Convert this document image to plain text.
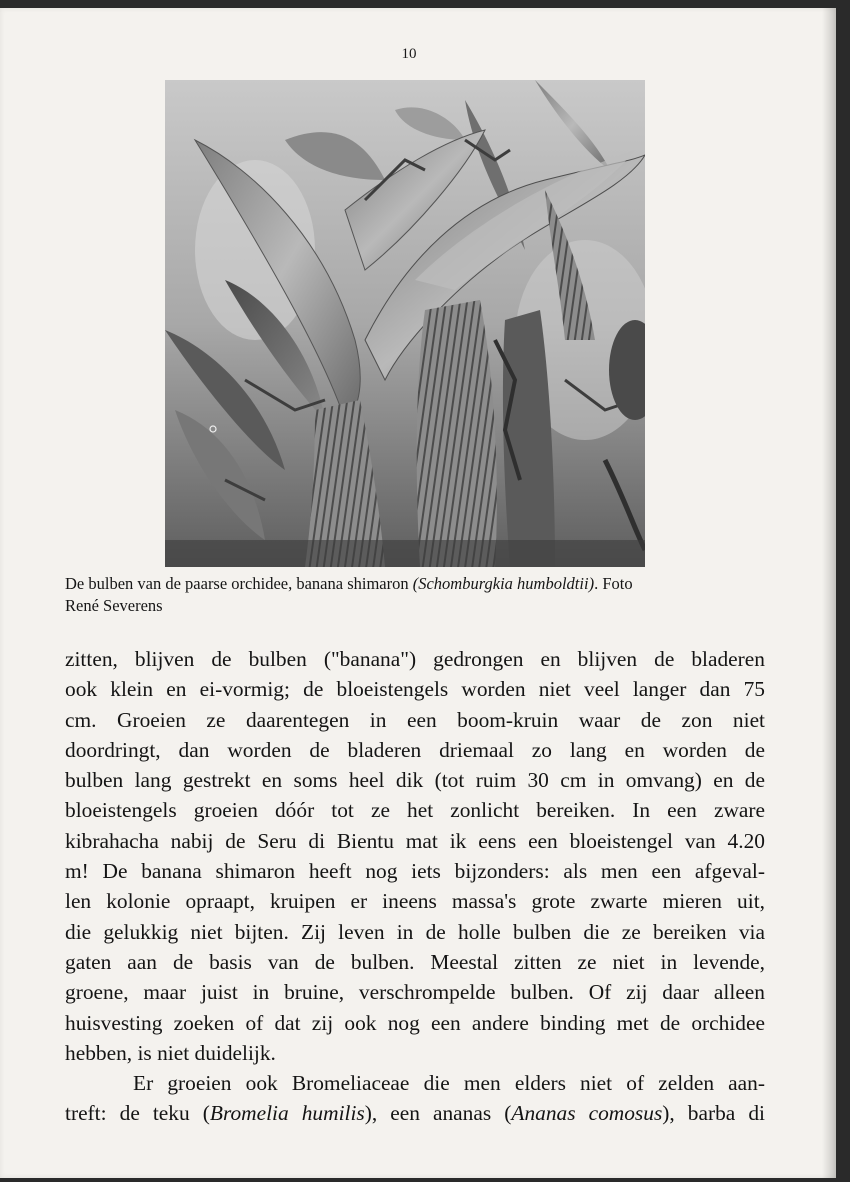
10
De bulben van de paarse orchidee, banana shimaron (Schomburgkia humboldtii). Foto
René Severens
zitten, blijven de bulben ("banana") gedrongen en blijven de bladeren
ook klein en ei-vormig; de bloeistengels worden niet veel langer dan 75
cm. Groeien ze daarentegen in een boom-kruin waar de zon niet
doordringt, dan worden de bladeren driemaal zo lang en worden de
bulben lang gestrekt en soms heel dik (tot ruim 30 cm in omvang) en de
bloeistengels groeien dóór tot ze het zonlicht bereiken. In een zware
kibrahacha nabij de Seru di Bientu mat ik eens een bloeistengel van 4.20
m! De banana shimaron heeft nog iets bijzonders: als men een afgeval-
len kolonie opraapt, kruipen er ineens massa's grote zwarte mieren uit,
die gelukkig niet bijten. Zij leven in de holle bulben die ze bereiken via
gaten aan de basis van de bulben. Meestal zitten ze niet in levende,
groene, maar juist in bruine, verschrompelde bulben. Of zij daar alleen
huisvesting zoeken of dat zij ook nog een andere binding met de orchidee
hebben, is niet duidelijk.
Er groeien ook Bromeliaceae die men elders niet of zelden aan-
treft: de teku (Bromelia humilis), een ananas (Ananas comosus), barba di
